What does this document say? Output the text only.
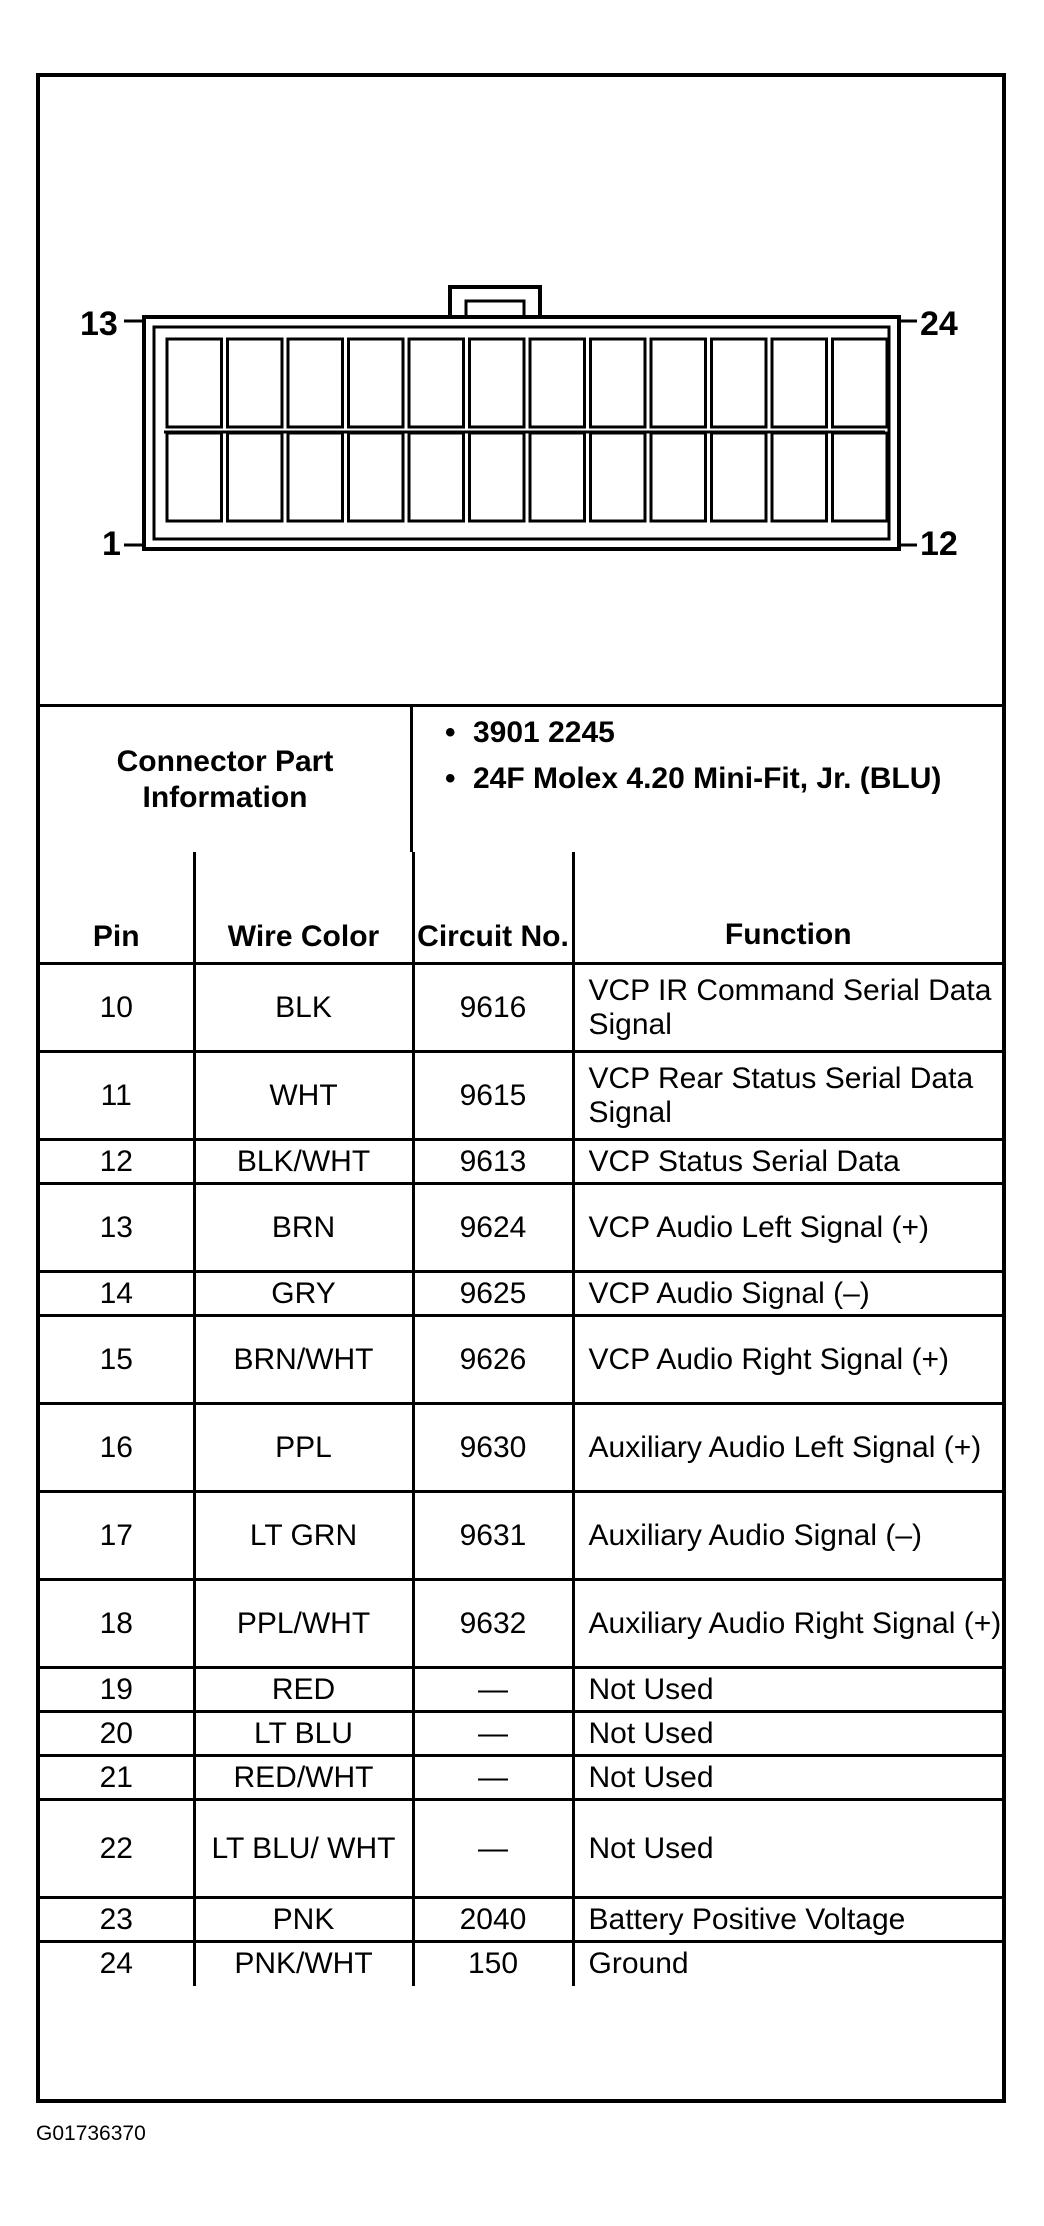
13
1
24
12
Connector Part Information
• 3901 2245
• 24F Molex 4.20 Mini-Fit, Jr. (BLU)
Pin	Wire Color	Circuit No.	Function
10	BLK	9616	VCP IR Command Serial Data Signal
11	WHT	9615	VCP Rear Status Serial Data Signal
12	BLK/WHT	9613	VCP Status Serial Data
13	BRN	9624	VCP Audio Left Signal (+)
14	GRY	9625	VCP Audio Signal (–)
15	BRN/WHT	9626	VCP Audio Right Signal (+)
16	PPL	9630	Auxiliary Audio Left Signal (+)
17	LT GRN	9631	Auxiliary Audio Signal (–)
18	PPL/WHT	9632	Auxiliary Audio Right Signal (+)
19	RED	—	Not Used
20	LT BLU	—	Not Used
21	RED/WHT	—	Not Used
22	LT BLU/ WHT	—	Not Used
23	PNK	2040	Battery Positive Voltage
24	PNK/WHT	150	Ground
G01736370
